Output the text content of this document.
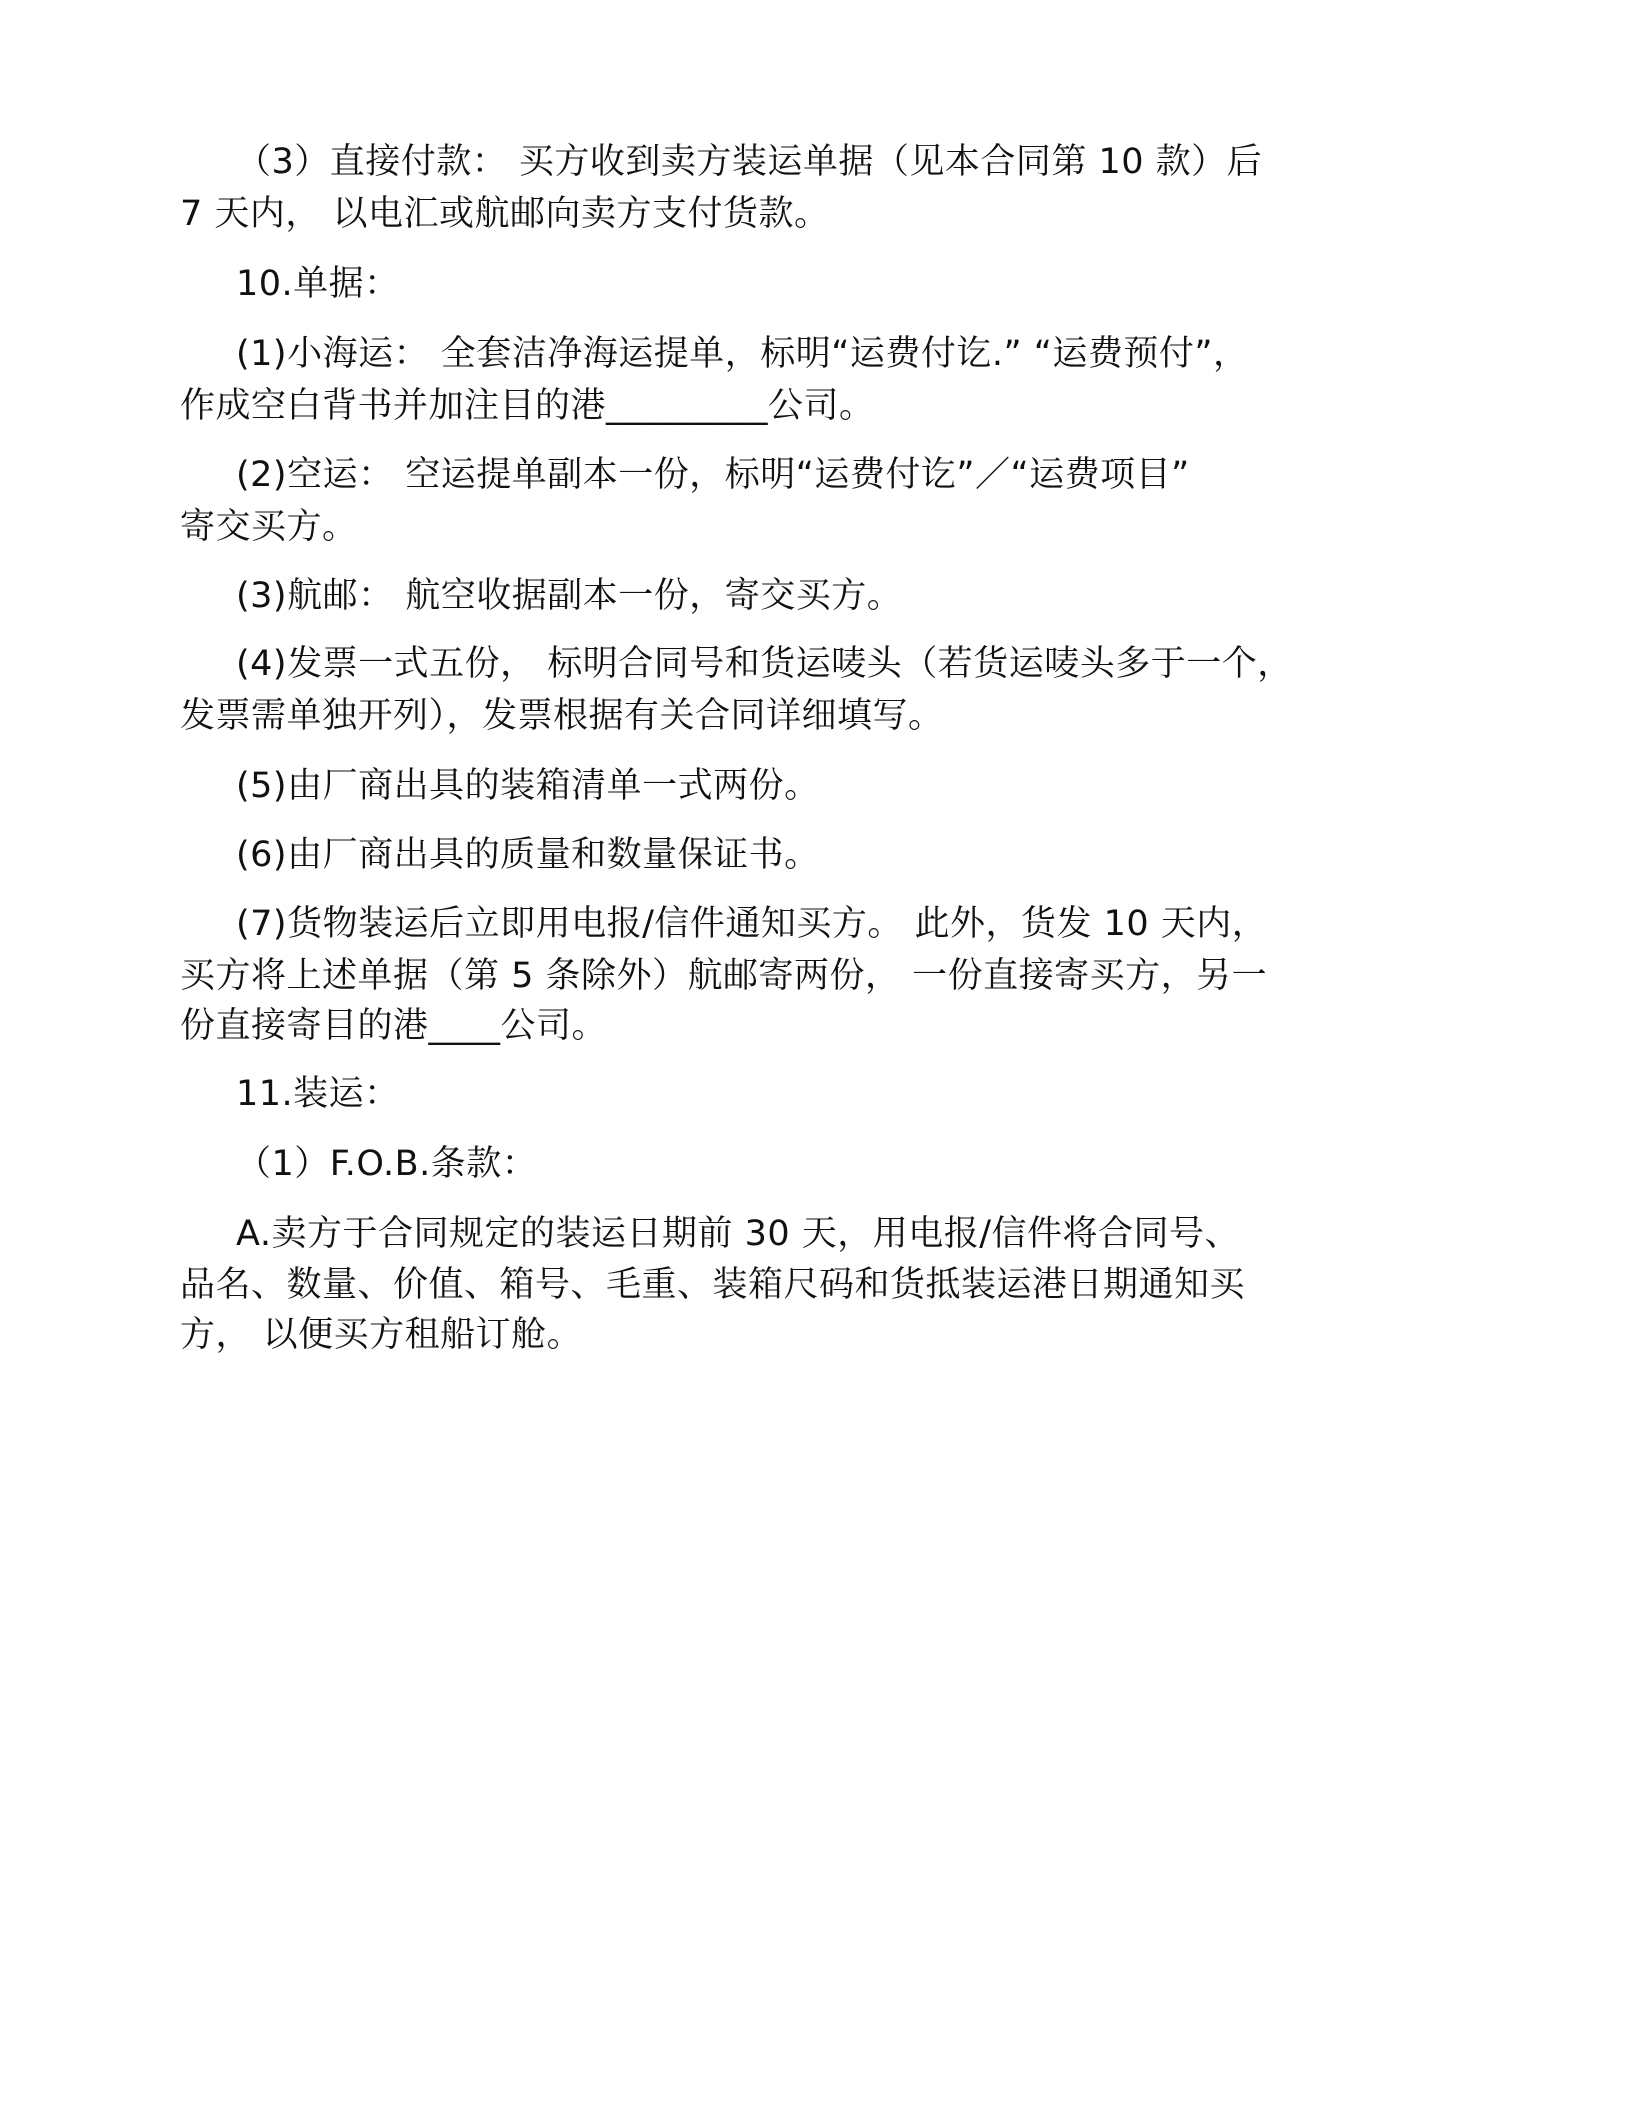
（3）直接付款： 买方收到卖方装运单据（见本合同第 10 款）后
7 天内， 以电汇或航邮向卖方支付货款。
10.单据：
(1)小海运： 全套洁净海运提单，标明“运费付讫.” “运费预付”，
作成空白背书并加注目的港_________公司。
(2)空运： 空运提单副本一份，标明“运费付讫”／“运费项目”
寄交买方。
(3)航邮： 航空收据副本一份，寄交买方。
(4)发票一式五份， 标明合同号和货运唛头（若货运唛头多于一个，
发票需单独开列），发票根据有关合同详细填写。
(5)由厂商出具的装箱清单一式两份。
(6)由厂商出具的质量和数量保证书。
(7)货物装运后立即用电报/信件通知买方。 此外，货发 10 天内，
买方将上述单据（第 5 条除外）航邮寄两份， 一份直接寄买方，另一
份直接寄目的港____公司。
11.装运：
（1）F.O.B.条款：
A.卖方于合同规定的装运日期前 30 天，用电报/信件将合同号、
品名、数量、价值、箱号、毛重、装箱尺码和货抵装运港日期通知买
方， 以便买方租船订舱。
